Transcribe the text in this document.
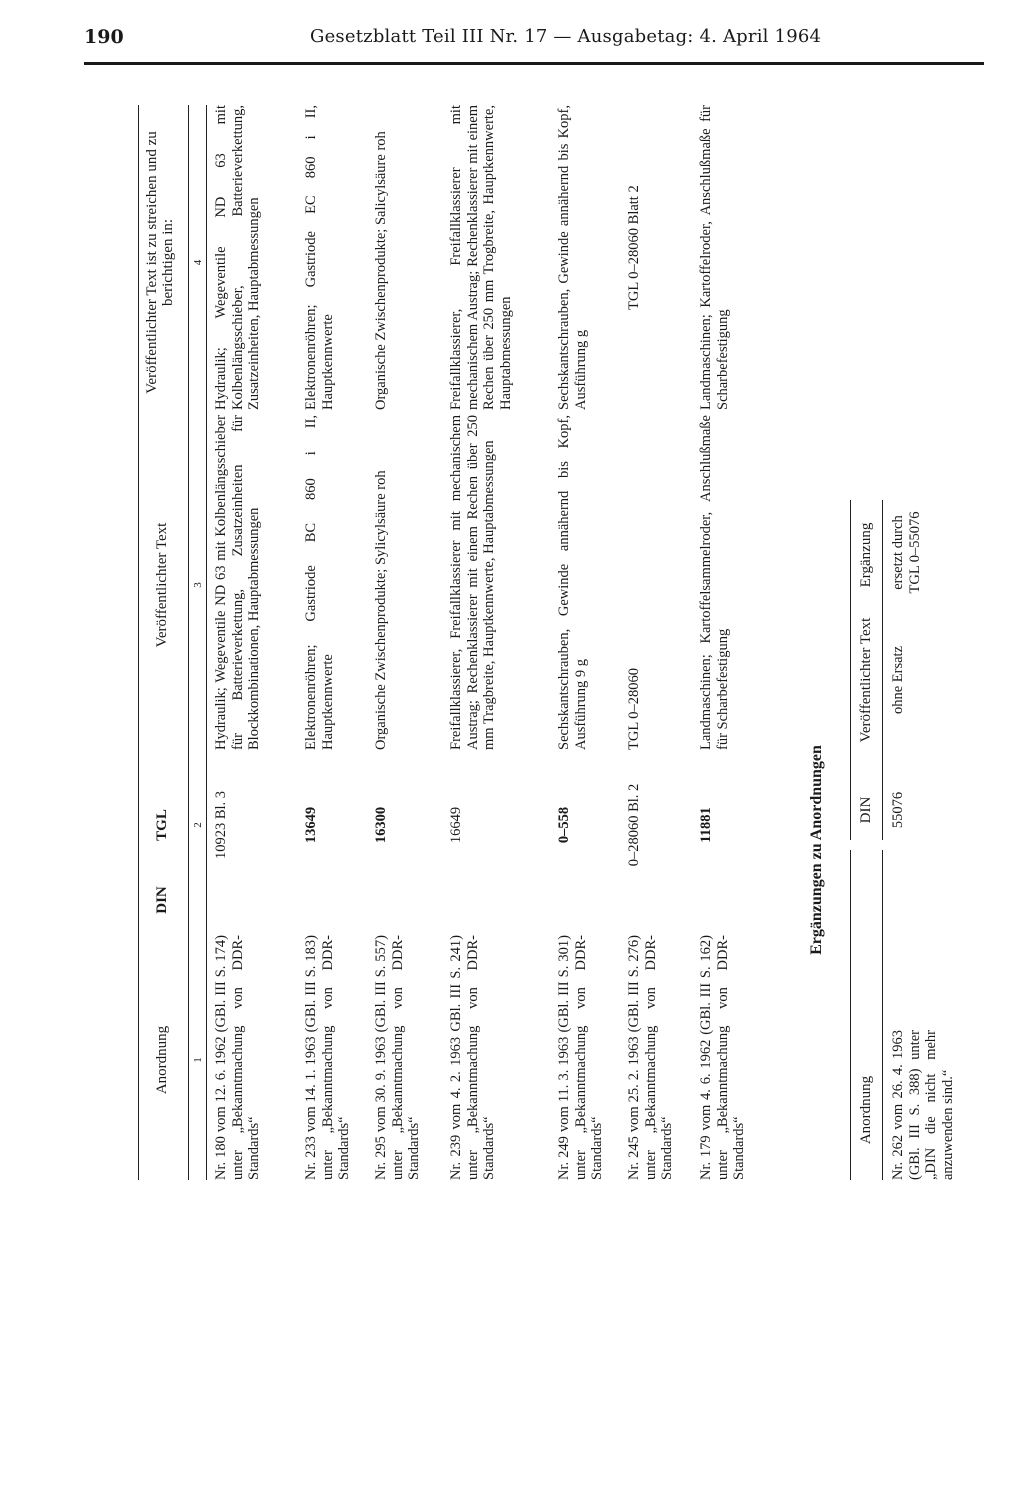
190	Gesetzblatt Teil III Nr. 17 — Ausgabetag: 4. April 1964
Anordnung
DIN
TGL
Veröffentlichter Text
Veröffentlichter Text ist zu streichen und zu berichtigen in:
1
2
3
4
Nr. 180 vom 12. 6. 1962 (GBl. III S. 174) unter „Bekanntmachung von DDR-Standards“
10923 Bl. 3
Hydraulik; Wegeventile ND 63 mit Kolbenlängsschieber für Batterieverkettung, Zusatzeinheiten für Blockkombinationen, Hauptabmessungen
Hydraulik; Wegeventile ND 63 mit Kolbenlängsschieber, Batterieverkettung, Zusatzeinheiten, Hauptabmessungen
Nr. 233 vom 14. 1. 1963 (GBl. III S. 183) unter „Bekanntmachung von DDR-Standards“
13649
Elektronenröhren; Gastriode BC 860 i II, Hauptkennwerte
Elektronenröhren; Gastriode EC 860 i II, Hauptkennwerte
Nr. 295 vom 30. 9. 1963 (GBl. III S. 557) unter „Bekanntmachung von DDR-Standards“
16300
Organische Zwischenprodukte; Sylicylsäure roh
Organische Zwischenprodukte; Salicylsäure roh
Nr. 239 vom 4. 2. 1963 GBl. III S. 241) unter „Bekanntmachung von DDR-Standards“
16649
Freifallklassierer, Freifallklassierer mit mechanischem Austrag; Rechenklassierer mit einem Rechen über 250 mm Tragbreite, Hauptkennwerte, Hauptabmessungen
Freifallklassierer, Freifallklassierer mit mechanischem Austrag; Rechenklassierer mit einem Rechen über 250 mm Trogbreite, Hauptkennwerte, Hauptabmessungen
Nr. 249 vom 11. 3. 1963 (GBl. III S. 301) unter „Bekanntmachung von DDR-Standards“
0–558
Sechskantschrauben, Gewinde annähernd bis Kopf, Ausführung 9 g
Sechskantschrauben, Gewinde annähernd bis Kopf, Ausführung g
Nr. 245 vom 25. 2. 1963 (GBl. III S. 276) unter „Bekanntmachung von DDR-Standards“
0–28060 Bl. 2
TGL 0–28060
TGL 0–28060 Blatt 2
Nr. 179 vom 4. 6. 1962 (GBl. III S. 162) unter „Bekanntmachung von DDR-Standards“
11881
Landmaschinen; Kartoffelsammelroder, Anschlußmaße für Scharbefestigung
Landmaschinen; Kartoffelroder, Anschlußmaße für Scharbefestigung
Ergänzungen zu Anordnungen
Anordnung Nr. 262 vom 26. 4. 1963 (GBl. III S. 388) unter „DIN die nicht mehr anzuwenden sind.“
DIN
Veröffentlichter Text
Ergänzung
55076
ohne Ersatz
ersetzt durch TGL 0–55076
